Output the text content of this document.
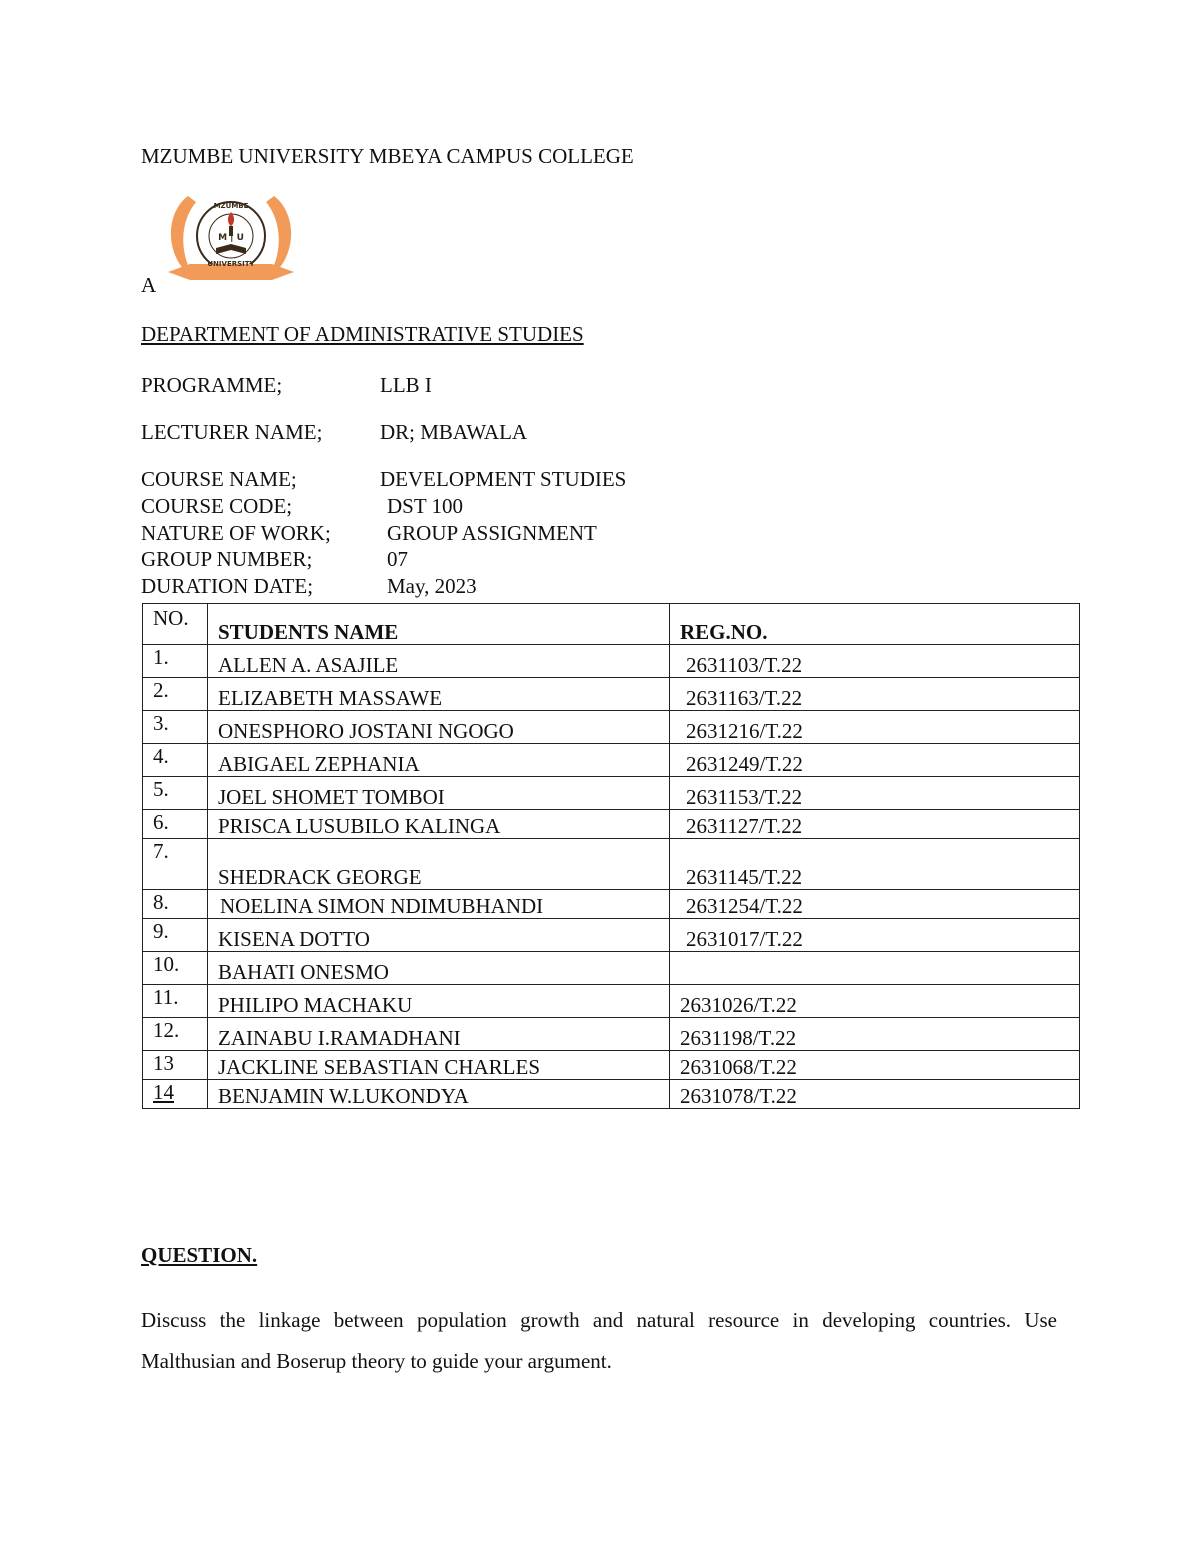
MZUMBE UNIVERSITY MBEYA CAMPUS COLLEGE
MZUMBE
M | U
UNIVERSITY
A
DEPARTMENT OF ADMINISTRATIVE STUDIES
PROGRAMME;	LLB I
LECTURER NAME;	DR; MBAWALA
COURSE NAME;	DEVELOPMENT STUDIES
COURSE CODE;	DST 100
NATURE OF WORK;	GROUP ASSIGNMENT
GROUP NUMBER;	07
DURATION DATE;	May, 2023
NO.	STUDENTS NAME	REG.NO.
1.	ALLEN A. ASAJILE	2631103/T.22
2.	ELIZABETH MASSAWE	2631163/T.22
3.	ONESPHORO JOSTANI NGOGO	2631216/T.22
4.	ABIGAEL ZEPHANIA	2631249/T.22
5.	JOEL SHOMET TOMBOI	2631153/T.22
6.	PRISCA LUSUBILO KALINGA	2631127/T.22
7.	SHEDRACK GEORGE	2631145/T.22
8.	NOELINA SIMON NDIMUBHANDI	2631254/T.22
9.	KISENA DOTTO	2631017/T.22
10.	BAHATI ONESMO	
11.	PHILIPO MACHAKU	2631026/T.22
12.	ZAINABU I.RAMADHANI	2631198/T.22
13	JACKLINE SEBASTIAN CHARLES	2631068/T.22
14	BENJAMIN W.LUKONDYA	2631078/T.22
QUESTION.
Discuss the linkage between population growth and natural resource in developing countries. Use Malthusian and Boserup theory to guide your argument.
